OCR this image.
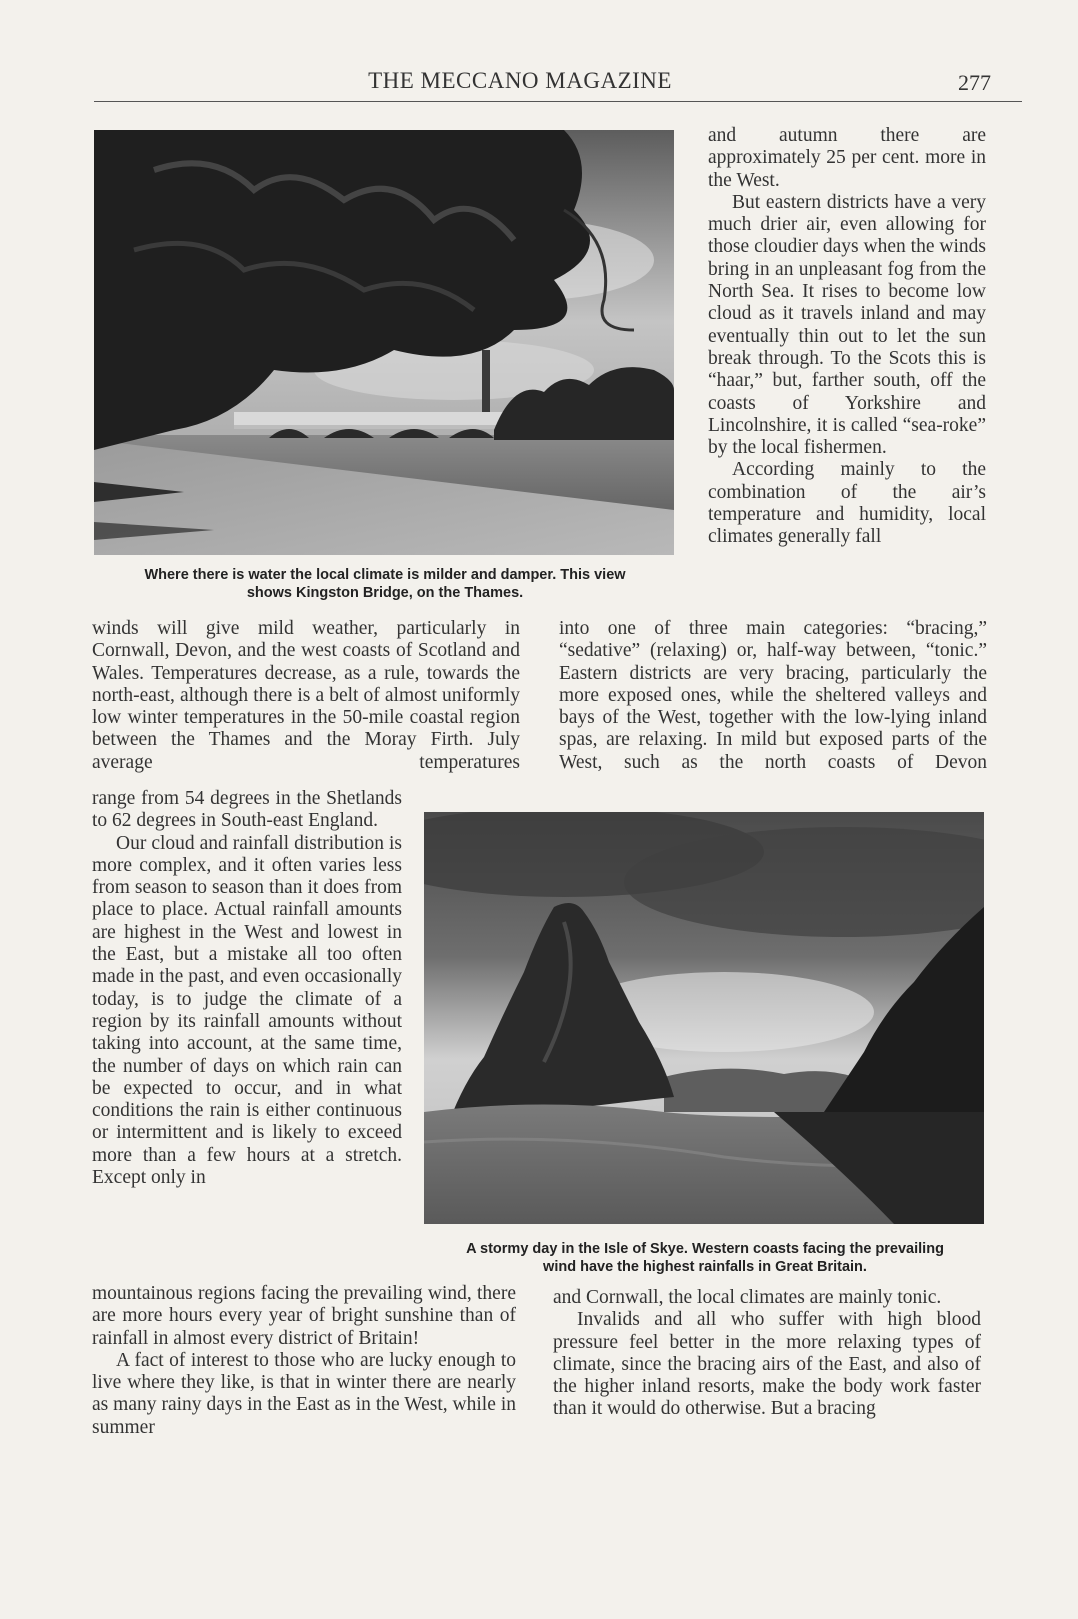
THE MECCANO MAGAZINE	277
Where there is water the local climate is milder and damper. This view
shows Kingston Bridge, on the Thames.

and autumn there are approximately 25 per cent. more in the West.

But eastern districts have a very much drier air, even allowing for those cloudier days when the winds bring in an unpleasant fog from the North Sea. It rises to become low cloud as it travels inland and may eventually thin out to let the sun break through. To the Scots this is “haar,” but, farther south, off the coasts of Yorkshire and Lincolnshire, it is called “sea-roke” by the local fishermen.

According mainly to the combination of the air’s temperature and humidity, local climates generally fall

winds will give mild weather, particularly in Cornwall, Devon, and the west coasts of Scotland and Wales. Temperatures decrease, as a rule, towards the north-east, although there is a belt of almost uniformly low winter temperatures in the 50-mile coastal region between the Thames and the Moray Firth. July average temperatures

into one of three main categories: “bracing,” “sedative” (relaxing) or, half-way between, “tonic.” Eastern districts are very bracing, particularly the more exposed ones, while the sheltered valleys and bays of the West, together with the low-lying inland spas, are relaxing. In mild but exposed parts of the West, such as the north coasts of Devon

range from 54 degrees in the Shetlands to 62 degrees in South-east England.

Our cloud and rainfall distribution is more complex, and it often varies less from season to season than it does from place to place. Actual rainfall amounts are highest in the West and lowest in the East, but a mistake all too often made in the past, and even occasionally today, is to judge the climate of a region by its rainfall amounts without taking into account, at the same time, the number of days on which rain can be expected to occur, and in what conditions the rain is either continuous or intermittent and is likely to exceed more than a few hours at a stretch. Except only in

A stormy day in the Isle of Skye. Western coasts facing the prevailing
wind have the highest rainfalls in Great Britain.

mountainous regions facing the prevailing wind, there are more hours every year of bright sunshine than of rainfall in almost every district of Britain!

A fact of interest to those who are lucky enough to live where they like, is that in winter there are nearly as many rainy days in the East as in the West, while in summer

and Cornwall, the local climates are mainly tonic.

Invalids and all who suffer with high blood pressure feel better in the more relaxing types of climate, since the bracing airs of the East, and also of the higher inland resorts, make the body work faster than it would do otherwise. But a bracing
